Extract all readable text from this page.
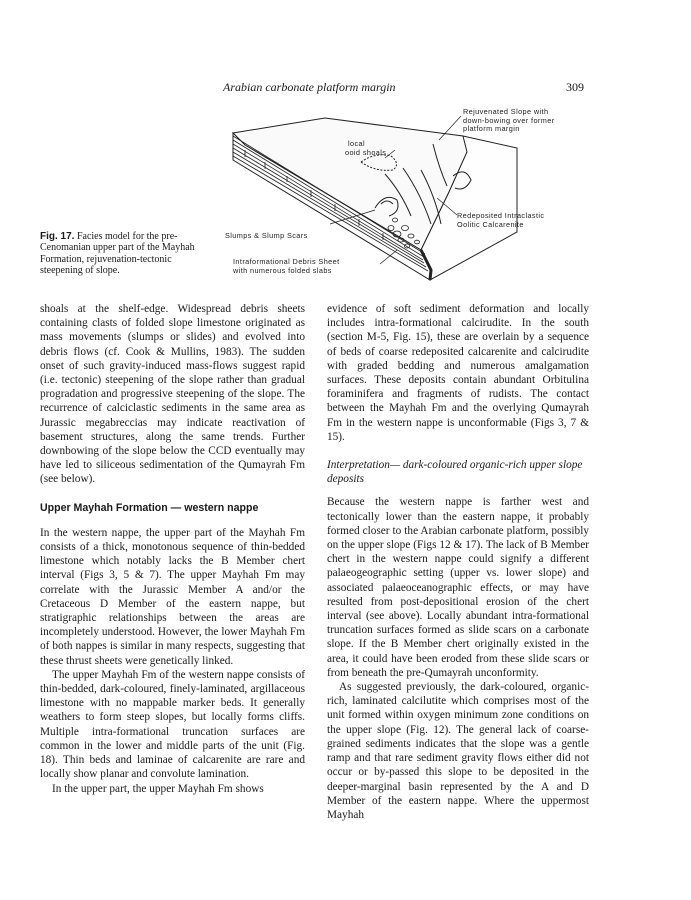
Arabian carbonate platform margin	309
Rejuvenated Slope with
down-bowing over former
platform margin
local
ooid shoals
Redeposited Intraclastic
Oolitic Calcarenite
Slumps & Slump Scars
Intraformational Debris Sheet
with numerous folded slabs
Fig. 17. Facies model for the pre-Cenomanian upper part of the Mayhah Formation, rejuvenation-tectonic steepening of slope.

shoals at the shelf-edge. Widespread debris sheets containing clasts of folded slope limestone originated as mass movements (slumps or slides) and evolved into debris flows (cf. Cook & Mullins, 1983). The sudden onset of such gravity-induced mass-flows suggest rapid (i.e. tectonic) steepening of the slope rather than gradual progradation and progressive steepening of the slope. The recurrence of calciclastic sediments in the same area as Jurassic megabreccias may indicate reactivation of basement structures, along the same trends. Further downbowing of the slope below the CCD eventually may have led to siliceous sedimentation of the Qumayrah Fm (see below).

Upper Mayhah Formation — western nappe

In the western nappe, the upper part of the Mayhah Fm consists of a thick, monotonous sequence of thin-bedded limestone which notably lacks the B Member chert interval (Figs 3, 5 & 7). The upper Mayhah Fm may correlate with the Jurassic Member A and/or the Cretaceous D Member of the eastern nappe, but stratigraphic relationships between the areas are incompletely understood. However, the lower Mayhah Fm of both nappes is similar in many respects, suggesting that these thrust sheets were genetically linked.

The upper Mayhah Fm of the western nappe consists of thin-bedded, dark-coloured, finely-laminated, argillaceous limestone with no mappable marker beds. It generally weathers to form steep slopes, but locally forms cliffs. Multiple intra-formational truncation surfaces are common in the lower and middle parts of the unit (Fig. 18). Thin beds and laminae of calcarenite are rare and locally show planar and convolute lamination.

In the upper part, the upper Mayhah Fm shows

evidence of soft sediment deformation and locally includes intra-formational calcirudite. In the south (section M-5, Fig. 15), these are overlain by a sequence of beds of coarse redeposited calcarenite and calcirudite with graded bedding and numerous amalgamation surfaces. These deposits contain abundant Orbitulina foraminifera and fragments of rudists. The contact between the Mayhah Fm and the overlying Qumayrah Fm in the western nappe is unconformable (Figs 3, 7 & 15).

Interpretation— dark-coloured organic-rich upper slope deposits

Because the western nappe is farther west and tectonically lower than the eastern nappe, it probably formed closer to the Arabian carbonate platform, possibly on the upper slope (Figs 12 & 17). The lack of B Member chert in the western nappe could signify a different palaeogeographic setting (upper vs. lower slope) and associated palaeoceanographic effects, or may have resulted from post-depositional erosion of the chert interval (see above). Locally abundant intra-formational truncation surfaces formed as slide scars on a carbonate slope. If the B Member chert originally existed in the area, it could have been eroded from these slide scars or from beneath the pre-Qumayrah unconformity.

As suggested previously, the dark-coloured, organic-rich, laminated calcilutite which comprises most of the unit formed within oxygen minimum zone conditions on the upper slope (Fig. 12). The general lack of coarse-grained sediments indicates that the slope was a gentle ramp and that rare sediment gravity flows either did not occur or by-passed this slope to be deposited in the deeper-marginal basin represented by the A and D Member of the eastern nappe. Where the uppermost Mayhah
